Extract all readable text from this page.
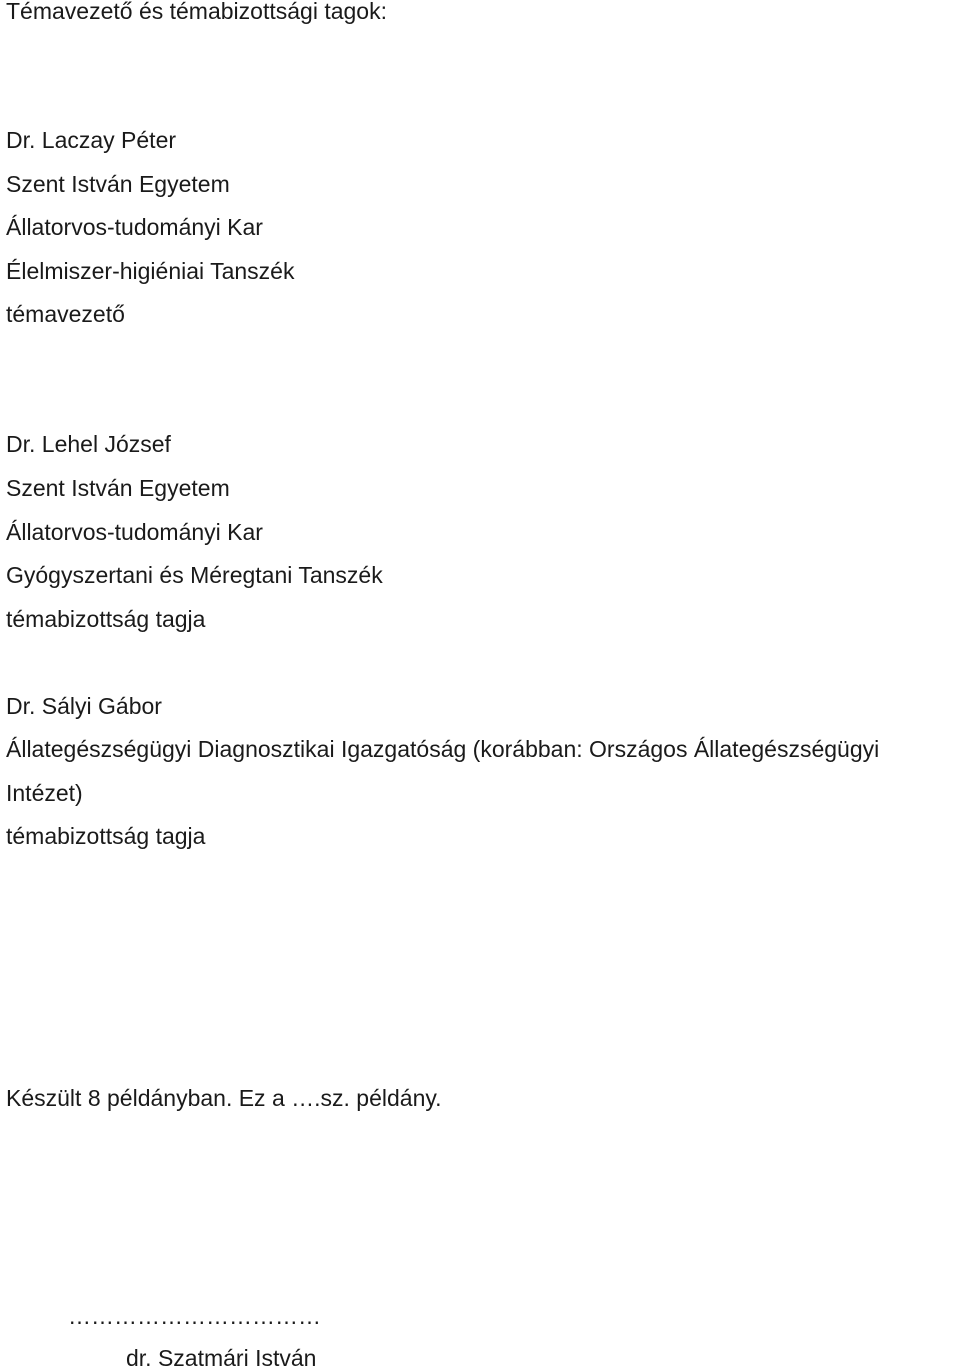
Témavezető és témabizottsági tagok:
Dr. Laczay Péter
Szent István Egyetem
Állatorvos-tudományi Kar
Élelmiszer-higiéniai Tanszék
témavezető
Dr. Lehel József
Szent István Egyetem
Állatorvos-tudományi Kar
Gyógyszertani és Méregtani Tanszék
témabizottság tagja
Dr. Sályi Gábor
Állategészségügyi Diagnosztikai Igazgatóság (korábban: Országos Állategészségügyi
Intézet)
témabizottság tagja
Készült 8 példányban. Ez a ….sz. példány.
……………………………
dr. Szatmári István
